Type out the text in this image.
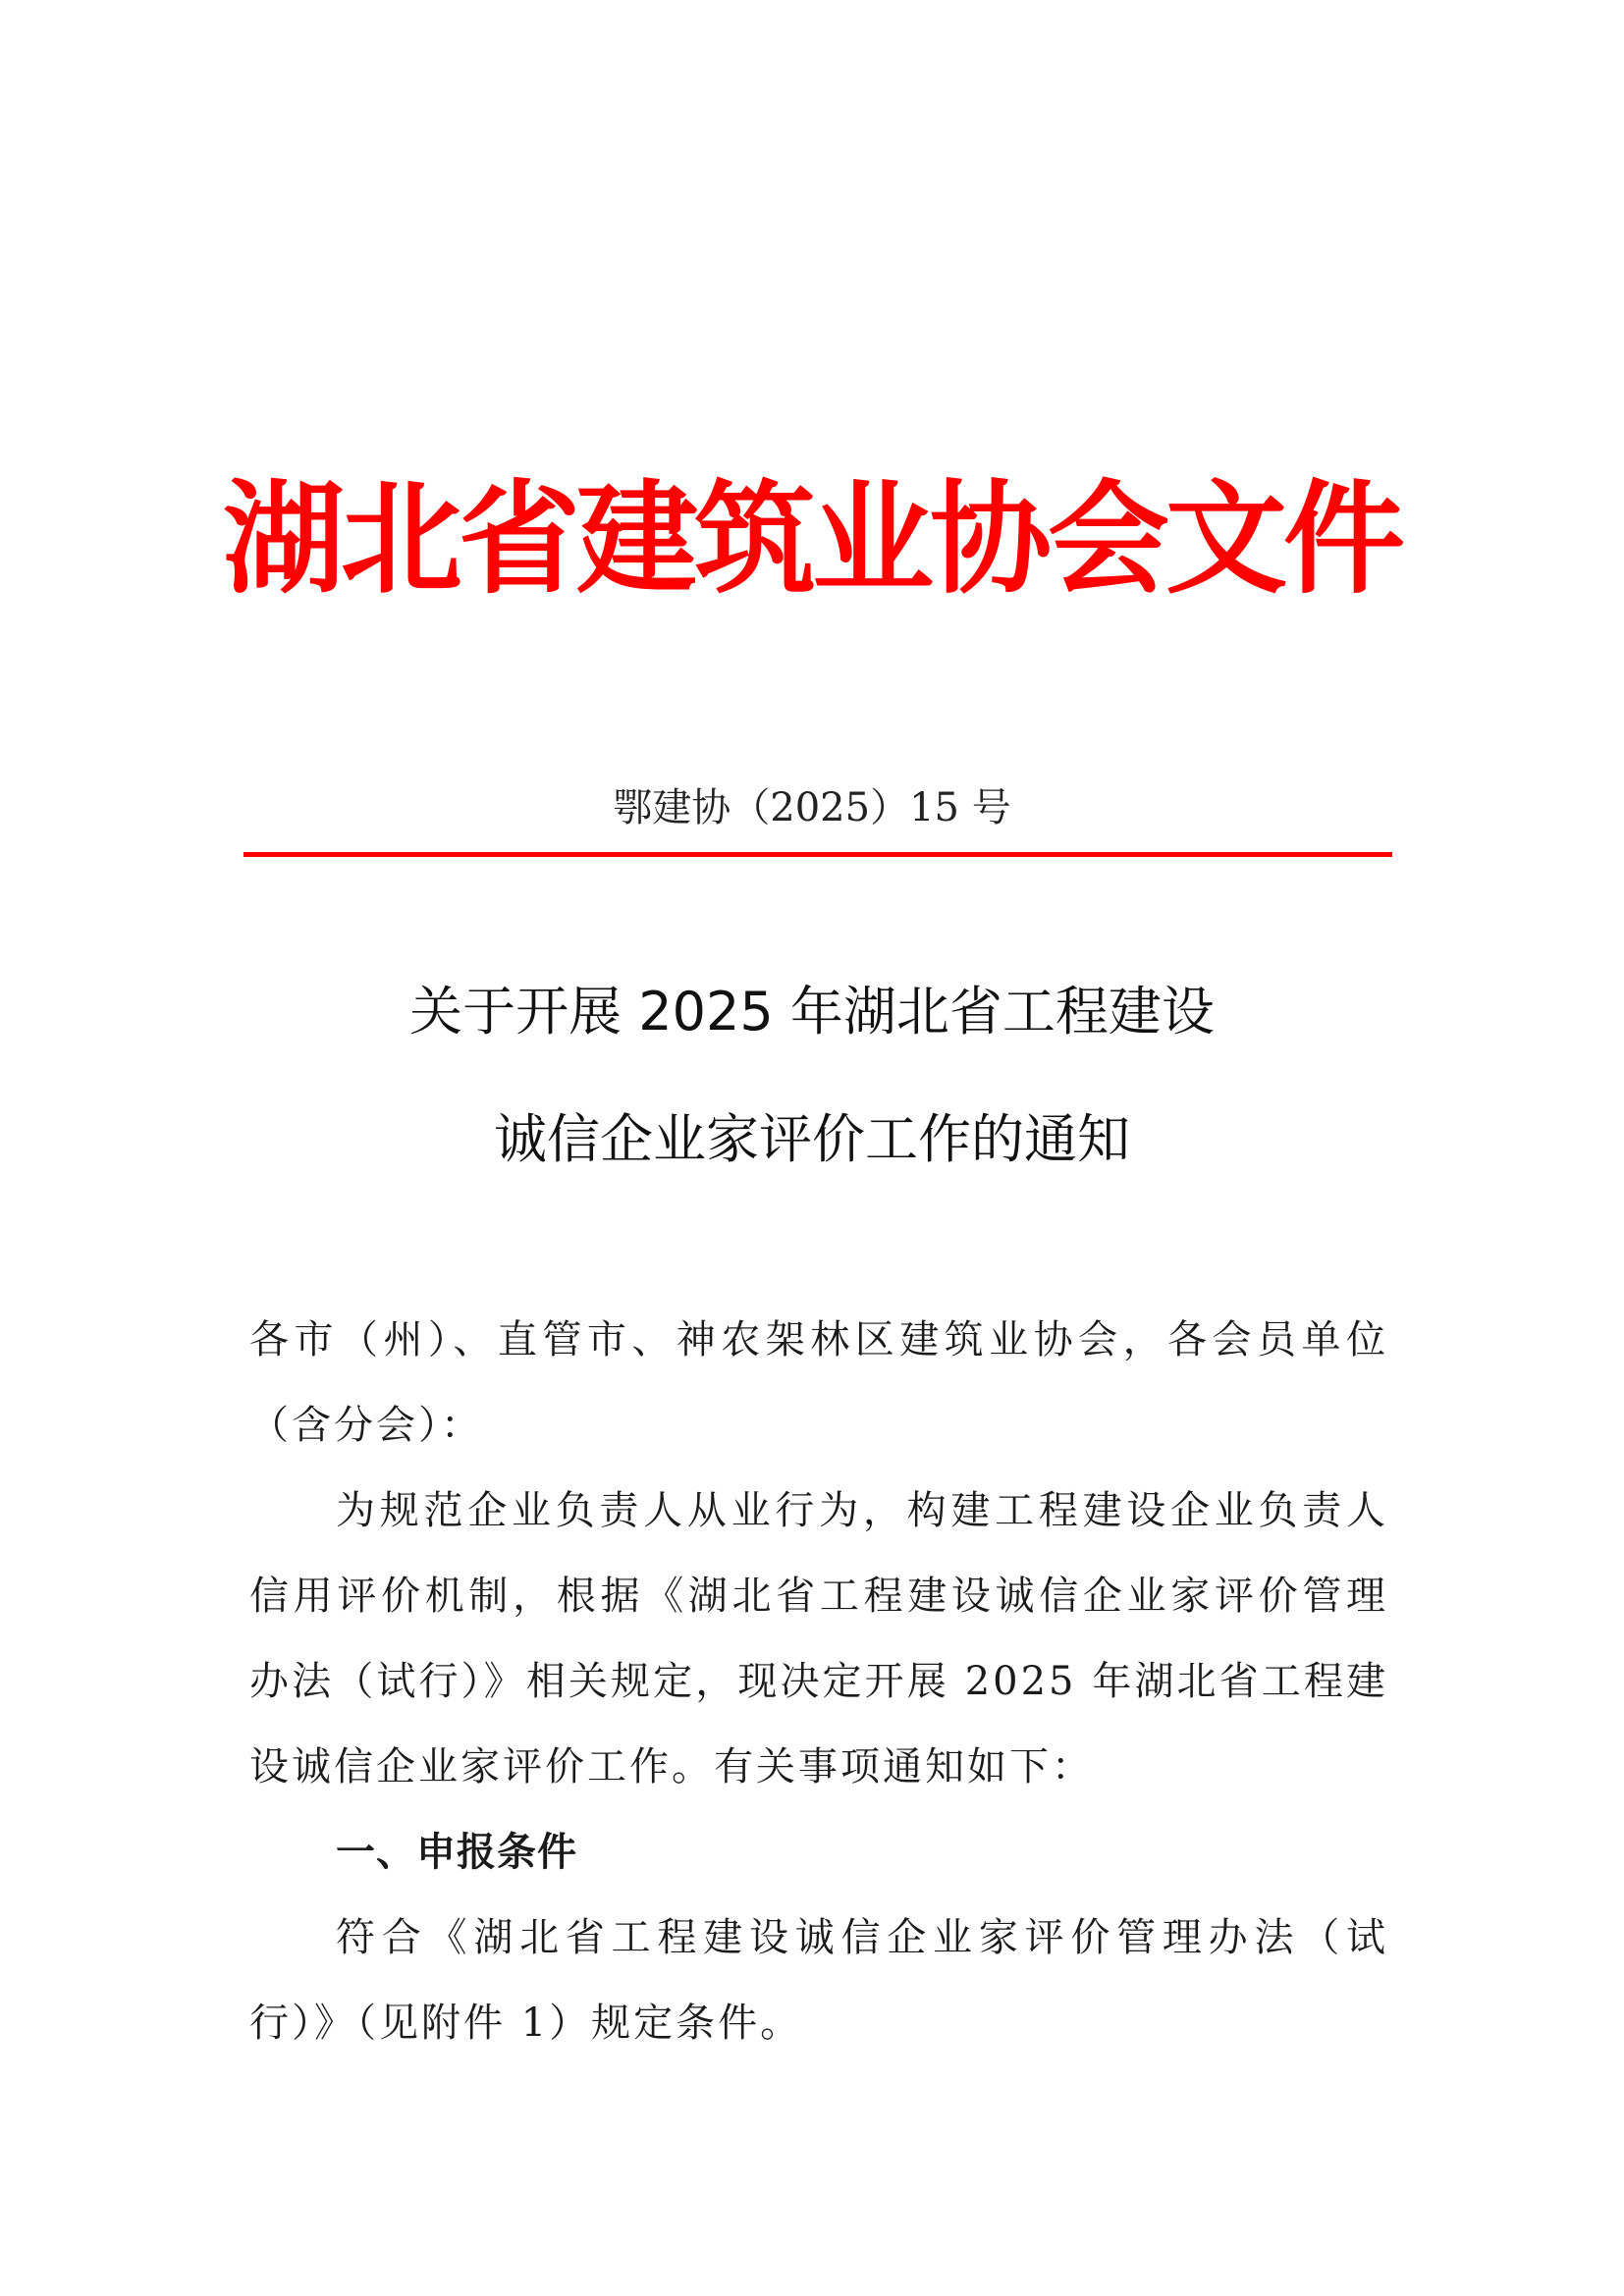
湖北省建筑业协会文件
鄂建协（2025）15 号
关于开展 2025 年湖北省工程建设
诚信企业家评价工作的通知

各市（州）、直管市、神农架林区建筑业协会，各会员单位（含分会）：

为规范企业负责人从业行为，构建工程建设企业负责人信用评价机制，根据《湖北省工程建设诚信企业家评价管理办法（试行）》相关规定，现决定开展 2025 年湖北省工程建设诚信企业家评价工作。有关事项通知如下：

一、申报条件

符合《湖北省工程建设诚信企业家评价管理办法（试行）》（见附件 1）规定条件。
